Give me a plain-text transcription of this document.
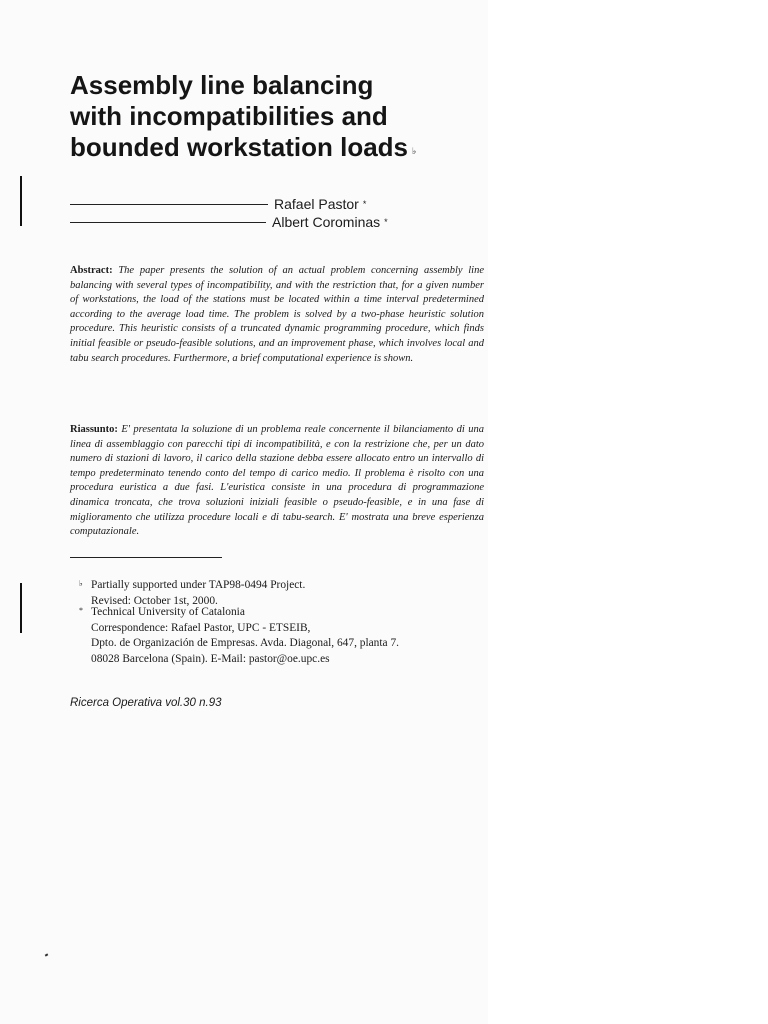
Assembly line balancing
with incompatibilities and
bounded workstation loads ♭
Rafael Pastor *
Albert Corominas *

Abstract: The paper presents the solution of an actual problem concerning assembly line balancing with several types of incompatibility, and with the restriction that, for a given number of workstations, the load of the stations must be located within a time interval predetermined according to the average load time. The problem is solved by a two-phase heuristic solution procedure. This heuristic consists of a truncated dynamic programming procedure, which finds initial feasible or pseudo-feasible solutions, and an improvement phase, which involves local and tabu search procedures. Furthermore, a brief computational experience is shown.

Riassunto: E' presentata la soluzione di un problema reale concernente il bilanciamento di una linea di assemblaggio con parecchi tipi di incompatibilità, e con la restrizione che, per un dato numero di stazioni di lavoro, il carico della stazione debba essere allocato entro un intervallo di tempo predeterminato tenendo conto del tempo di carico medio. Il problema è risolto con una procedura euristica a due fasi. L'euristica consiste in una procedura di programmazione dinamica troncata, che trova soluzioni iniziali feasible o pseudo-feasible, e in una fase di miglioramento che utilizza procedure locali e di tabu-search. E' mostrata una breve esperienza computazionale.

♭ Partially supported under TAP98-0494 Project.
Revised: October 1st, 2000.
* Technical University of Catalonia
Correspondence: Rafael Pastor, UPC - ETSEIB,
Dpto. de Organización de Empresas. Avda. Diagonal, 647, planta 7.
08028 Barcelona (Spain). E-Mail: pastor@oe.upc.es
Ricerca Operativa vol.30 n.93
